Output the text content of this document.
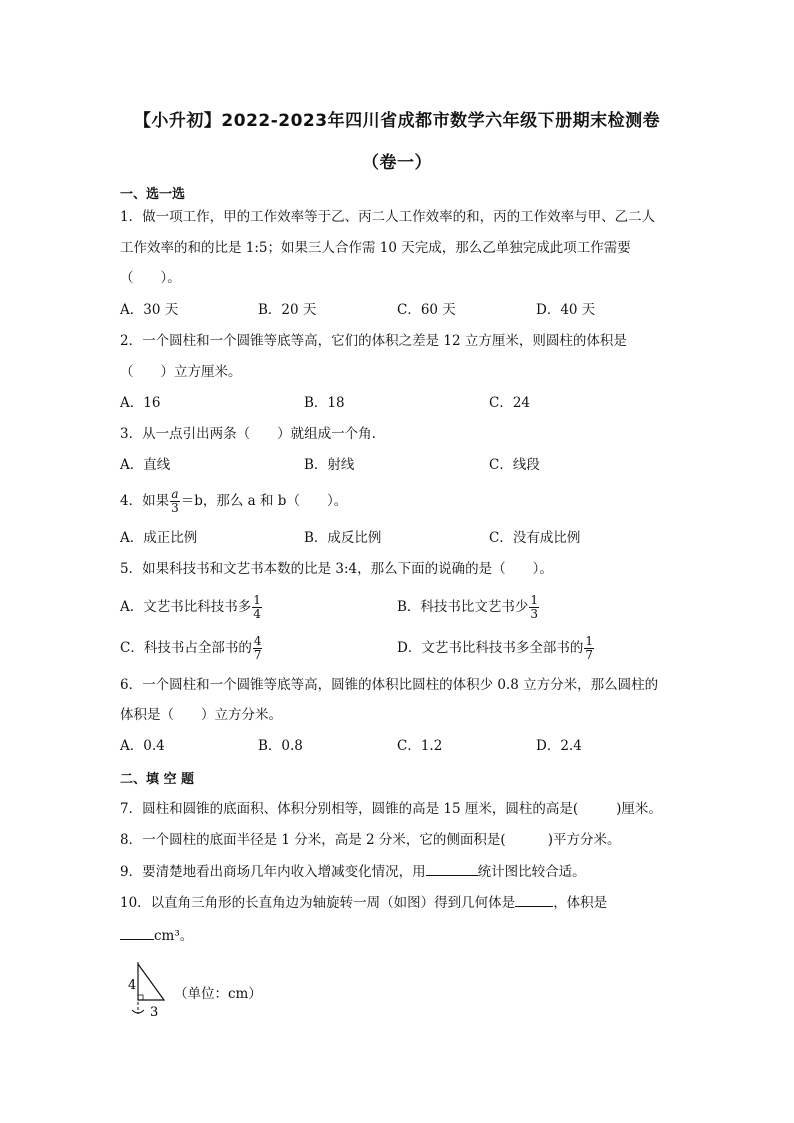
【小升初】2022-2023年四川省成都市数学六年级下册期末检测卷
（卷一）
一、选一选
1．做一项工作，甲的工作效率等于乙、丙二人工作效率的和，丙的工作效率与甲、乙二人
工作效率的和的比是 1:5；如果三人合作需 10 天完成，那么乙单独完成此项工作需要
（　　）。
A．30 天	B．20 天	C．60 天	D．40 天
2．一个圆柱和一个圆锥等底等高，它们的体积之差是 12 立方厘米，则圆柱的体积是
（　　）立方厘米。
A．16	B．18	C．24
3．从一点引出两条（　　）就组成一个角.
A．直线	B．射线	C．线段
4．如果 $\frac{a}{3} =b$，那么 a 和 b（　　）。
A．成正比例	B．成反比例	C．没有成比例
5．如果科技书和文艺书本数的比是 3:4，那么下面的说确的是（　　）。
A．文艺书比科技书多 $\frac{1}{4}$	B．科技书比文艺书少 $\frac{1}{3}$
C．科技书占全部书的 $\frac{4}{7}$	D．文艺书比科技书多全部书的 $\frac{1}{7}$
6．一个圆柱和一个圆锥等底等高，圆锥的体积比圆柱的体积少 0.8 立方分米，那么圆柱的
体积是（　　）立方分米。
A．0.4	B．0.8	C．1.2	D．2.4
二、填 空 题
7．圆柱和圆锥的底面积、体积分别相等，圆锥的高是 15 厘米，圆柱的高是(	)厘米。
8．一个圆柱的底面半径是 1 分米，高是 2 分米，它的侧面积是(	)平方分米。
9．要清楚地看出商场几年内收入增减变化情况，用	统计图比较合适。
10．以直角三角形的长直角边为轴旋转一周（如图）得到几何体是	，体积是
cm³。
4
3
（单位：cm）
